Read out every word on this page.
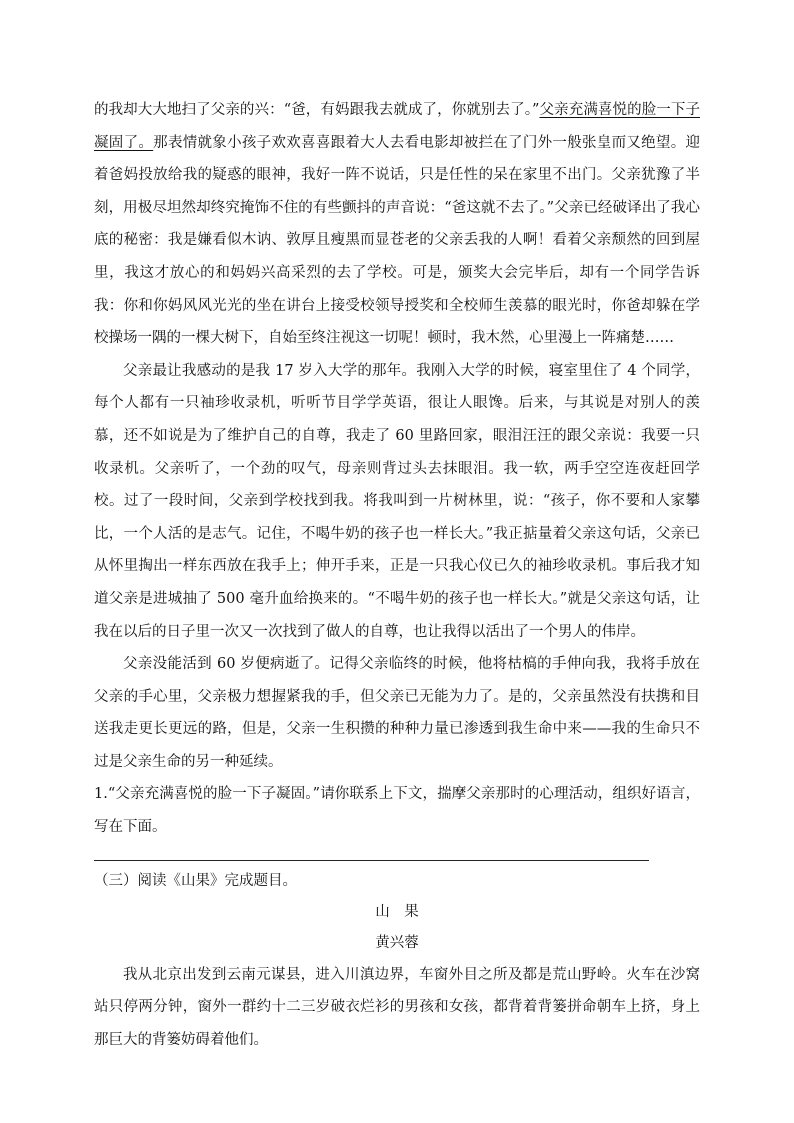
的我却大大地扫了父亲的兴：“爸，有妈跟我去就成了，你就别去了。”父亲充满喜悦的脸一下子凝固了。那表情就象小孩子欢欢喜喜跟着大人去看电影却被拦在了门外一般张皇而又绝望。迎着爸妈投放给我的疑惑的眼神，我好一阵不说话，只是任性的呆在家里不出门。父亲犹豫了半刻，用极尽坦然却终究掩饰不住的有些颤抖的声音说：“爸这就不去了。”父亲已经破译出了我心底的秘密：我是嫌看似木讷、敦厚且瘦黑而显苍老的父亲丢我的人啊！看着父亲颓然的回到屋里，我这才放心的和妈妈兴高采烈的去了学校。可是，颁奖大会完毕后，却有一个同学告诉我：你和你妈风风光光的坐在讲台上接受校领导授奖和全校师生羡慕的眼光时，你爸却躲在学校操场一隅的一棵大树下，自始至终注视这一切呢！顿时，我木然，心里漫上一阵痛楚……

父亲最让我感动的是我 17 岁入大学的那年。我刚入大学的时候，寝室里住了 4 个同学，每个人都有一只袖珍收录机，听听节目学学英语，很让人眼馋。后来，与其说是对别人的羡慕，还不如说是为了维护自己的自尊，我走了 60 里路回家，眼泪汪汪的跟父亲说：我要一只收录机。父亲听了，一个劲的叹气，母亲则背过头去抹眼泪。我一软，两手空空连夜赶回学校。过了一段时间，父亲到学校找到我。将我叫到一片树林里，说：“孩子，你不要和人家攀比，一个人活的是志气。记住，不喝牛奶的孩子也一样长大。”我正掂量着父亲这句话，父亲已从怀里掏出一样东西放在我手上；伸开手来，正是一只我心仪已久的袖珍收录机。事后我才知道父亲是进城抽了 500 毫升血给换来的。“不喝牛奶的孩子也一样长大。”就是父亲这句话，让我在以后的日子里一次又一次找到了做人的自尊，也让我得以活出了一个男人的伟岸。

父亲没能活到 60 岁便病逝了。记得父亲临终的时候，他将枯槁的手伸向我，我将手放在父亲的手心里，父亲极力想握紧我的手，但父亲已无能为力了。是的，父亲虽然没有扶携和目送我走更长更远的路，但是，父亲一生积攒的种种力量已渗透到我生命中来——我的生命只不过是父亲生命的另一种延续。

1.“父亲充满喜悦的脸一下子凝固。”请你联系上下文，揣摩父亲那时的心理活动，组织好语言，写在下面。

（三）阅读《山果》完成题目。
山　果
黄兴蓉

我从北京出发到云南元谋县，进入川滇边界，车窗外目之所及都是荒山野岭。火车在沙窝站只停两分钟，窗外一群约十二三岁破衣烂衫的男孩和女孩，都背着背篓拼命朝车上挤，身上那巨大的背篓妨碍着他们。
